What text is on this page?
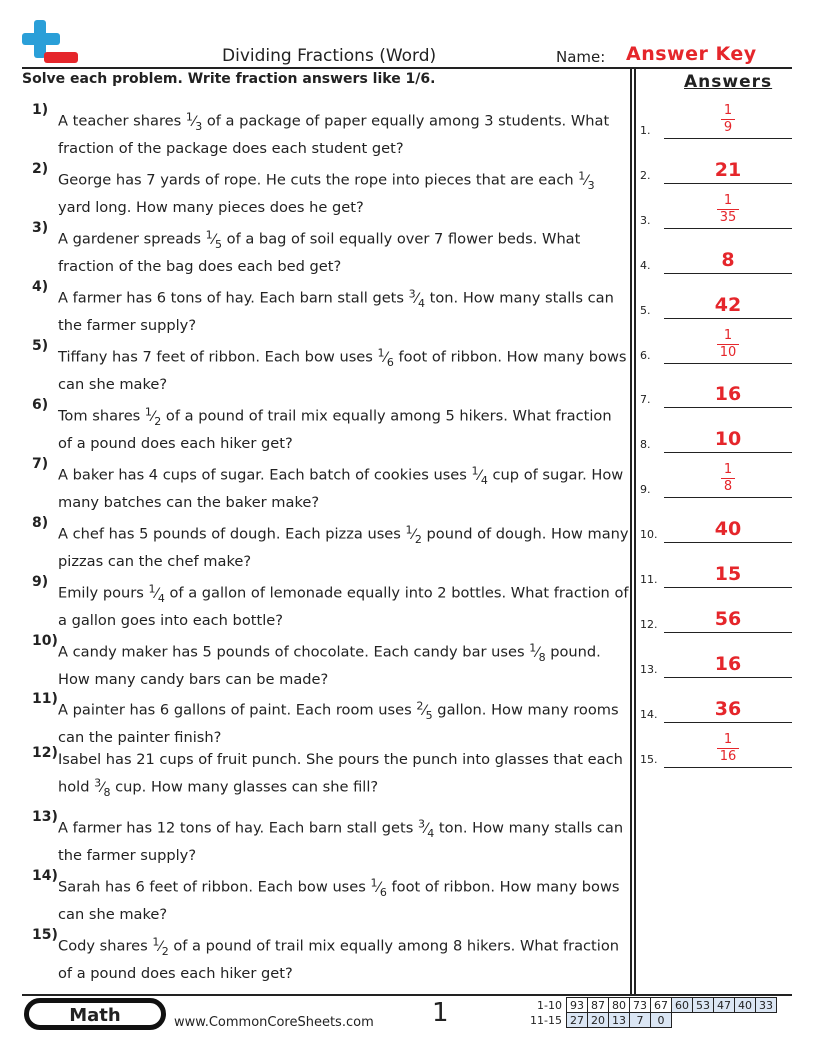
Dividing Fractions (Word)	Name: Answer Key
Solve each problem. Write fraction answers like 1/6.	Answers
1)
A teacher shares $^1⁄_3$ of a package of paper equally among 3 students. What fraction of the package does each student get?
2)
George has 7 yards of rope. He cuts the rope into pieces that are each $^1⁄_3$ yard long. How many pieces does he get?
3)
A gardener spreads $^1⁄_5$ of a bag of soil equally over 7 flower beds. What fraction of the bag does each bed get?
4)
A farmer has 6 tons of hay. Each barn stall gets $^3⁄_4$ ton. How many stalls can the farmer supply?
5)
Tiffany has 7 feet of ribbon. Each bow uses $^1⁄_6$ foot of ribbon. How many bows can she make?
6)
Tom shares $^1⁄_2$ of a pound of trail mix equally among 5 hikers. What fraction of a pound does each hiker get?
7)
A baker has 4 cups of sugar. Each batch of cookies uses $^1⁄_4$ cup of sugar. How many batches can the baker make?
8)
A chef has 5 pounds of dough. Each pizza uses $^1⁄_2$ pound of dough. How many pizzas can the chef make?
9)
Emily pours $^1⁄_4$ of a gallon of lemonade equally into 2 bottles. What fraction of a gallon goes into each bottle?
10)
A candy maker has 5 pounds of chocolate. Each candy bar uses $^1⁄_8$ pound. How many candy bars can be made?
11)
A painter has 6 gallons of paint. Each room uses $^2⁄_5$ gallon. How many rooms can the painter finish?
12) Isabel has 21 cups of fruit punch. She pours the punch into glasses that each hold $^3⁄_8$ cup. How many glasses can she fill?
13)
A farmer has 12 tons of hay. Each barn stall gets $^3⁄_4$ ton. How many stalls can the farmer supply?
14)
Sarah has 6 feet of ribbon. Each bow uses $^1⁄_6$ foot of ribbon. How many bows can she make?
15)
Cody shares $^1⁄_2$ of a pound of trail mix equally among 8 hikers. What fraction of a pound does each hiker get?
1.	$\frac{1}{9}$
2.	21
3.	$\frac{1}{35}$
4.	8
5.	42
6.	$\frac{1}{10}$
7.	16
8.	10
9.	$\frac{1}{8}$
10.	40
11.	15
12.	56
13.	16
14.	36
15.	$\frac{1}{16}$
Math	www.CommonCoreSheets.com 1	1-10	93	87	80	73	67	60	53	47	40	33
11-15	27	20	13	7	0					
